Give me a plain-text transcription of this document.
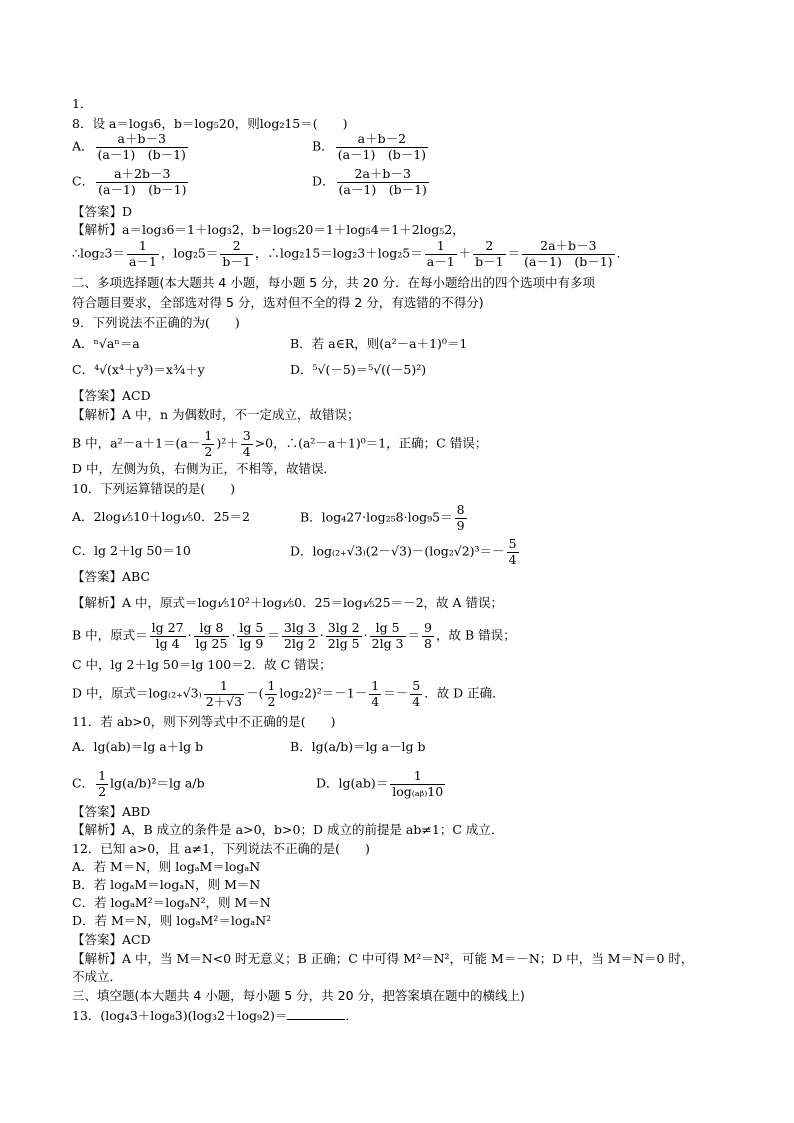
1．
8．设 a＝log₃6，b＝log₅20，则log₂15＝(　　)
A． $\frac{a+b-3}{(a-1) (b-1)}$	B． $\frac{a+b-2}{(a-1) (b-1)}$
C． $\frac{a+2b-3}{(a-1) (b-1)}$	D． $\frac{2a+b-3}{(a-1) (b-1)}$
【答案】D
【解析】a＝log₃6＝1＋log₃2，b＝log₅20＝1＋log₅4＝1＋2log₅2，
∴log₂3＝ $\frac{1}{a-1}$ ，$\log_25= \frac{2}{b-1}$ ，∴log₂15＝log₂3＋log₂5＝ $\frac{1}{a-1} + \frac{2}{b-1} = \frac{2a+b-3}{(a-1) (b-1)}$ .
二、多项选择题(本大题共 4 小题，每小题 5 分，共 20 分．在每小题给出的四个选项中有多项
符合题目要求，全部选对得 5 分，选对但不全的得 2 分，有选错的不得分)
9．下列说法不正确的为(　　)
A．ⁿ√aⁿ＝a	B．若 a∈R，则(a²－a＋1)⁰＝1
C．⁴√(x⁴＋y³)＝x³⁄₄＋y	D．⁵√(－5)＝⁵√((－5)²)
【答案】ACD
【解析】A 中，n 为偶数时，不一定成立，故错误；
B 中，$a^2-a+1=(a- \frac{1}{2} )^2+ \frac{3}{4} >0$，∴(a²－a＋1)⁰＝1，正确；C 错误；
D 中，左侧为负，右侧为正，不相等，故错误．
10．下列运算错误的是(　　)
A．2log₁⁄₅10＋log₁⁄₅0．25＝2	B．$\log_427\cdot\log_{25}8\cdot\log_95= \frac{8}{9}$
C．lg 2＋lg 50＝10	D．$\log_{(2+}√3_)(2-√3)-(\log_2√2)^3=- \frac{5}{4}$
【答案】ABC
【解析】A 中，原式＝log₁⁄₅10²＋log₁⁄₅0．25＝log₁⁄₅25＝－2，故 A 错误；
B 中，原式＝ $\frac{\lg 27}{\lg 4} \cdot \frac{\lg 8}{\lg 25} \cdot \frac{\lg 5}{\lg 9} = \frac{3\lg 3}{2\lg 2} \cdot \frac{3\lg 2}{2\lg 5} \cdot \frac{\lg 5}{2\lg 3} = \frac{9}{8}$ ，故 B 错误；
C 中，lg 2＋lg 50＝lg 100＝2．故 C 错误；
D 中，原式$=\log_{(2+}√3_) \frac{1}{2+√3}$ －( $\frac{1}{2} \log_22)^2=-1- \frac{1}{4} =- \frac{5}{4}$ ．故 D 正确．
11．若 ab>0，则下列等式中不正确的是(　　)
A．lg(ab)＝lg a＋lg b	B．lg(a/b)＝lg a－lg b
C． $\frac{1}{2} \lg(a/b)^2=\lg$ a/b	D．$\lg(ab)= \frac{1}{\text{log₍ₐᵦ₎10}}$
【答案】ABD
【解析】A，B 成立的条件是 a>0，b>0；D 成立的前提是 ab≠1；C 成立．
12．已知 a>0，且 a≠1，下列说法不正确的是(　　)
A．若 M＝N，则 logₐM＝logₐN
B．若 logₐM＝logₐN，则 M＝N
C．若 logₐM²＝logₐN²，则 M＝N
D．若 M＝N，则 logₐM²＝logₐN²
【答案】ACD
【解析】A 中，当 M＝N<0 时无意义；B 正确；C 中可得 M²＝N²，可能 M＝－N；D 中，当 M＝N＝0 时，
不成立．
三、填空题(本大题共 4 小题，每小题 5 分，共 20 分，把答案填在题中的横线上)
13．(log₄3＋log₈3)(log₃2＋log₉2)＝	．
